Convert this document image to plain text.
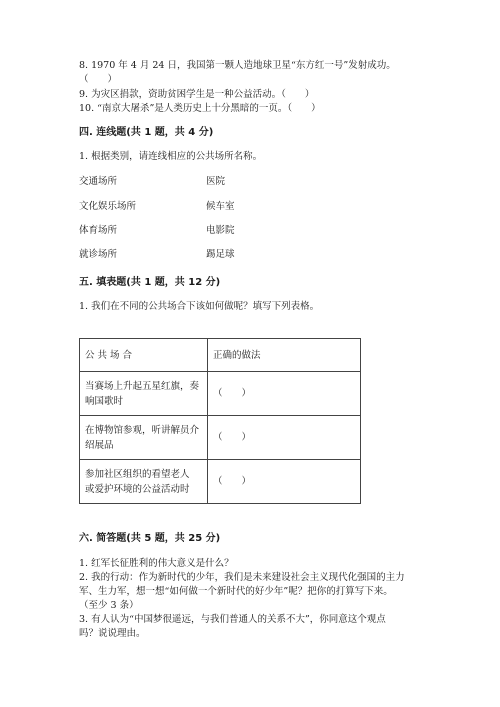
8. 1970 年 4 月 24 日，我国第一颗人造地球卫星“东方红一号”发射成功。
（　　）
9. 为灾区捐款，资助贫困学生是一种公益活动。（　　）
10. “南京大屠杀”是人类历史上十分黑暗的一页。（　　）
四. 连线题(共 1 题，共 4 分)
1. 根据类别，请连线相应的公共场所名称。
交通场所
文化娱乐场所
体育场所
就诊场所
医院
候车室
电影院
踢足球
五. 填表题(共 1 题，共 12 分)
1. 我们在不同的公共场合下该如何做呢？填写下列表格。
公 共 场 合	正确的做法

当赛场上升起五星红旗，奏
响国歌时	（　　）

在博物馆参观，听讲解员介
绍展品	（　　）

参加社区组织的看望老人
或爱护环境的公益活动时	（　　）
六. 简答题(共 5 题，共 25 分)
1. 红军长征胜利的伟大意义是什么？
2. 我的行动：作为新时代的少年，我们是未来建设社会主义现代化强国的主力
军、生力军，想一想“如何做一个新时代的好少年”呢？把你的打算写下来。
（至少 3 条）
3. 有人认为“中国梦很遥远，与我们普通人的关系不大”，你同意这个观点
吗？说说理由。
